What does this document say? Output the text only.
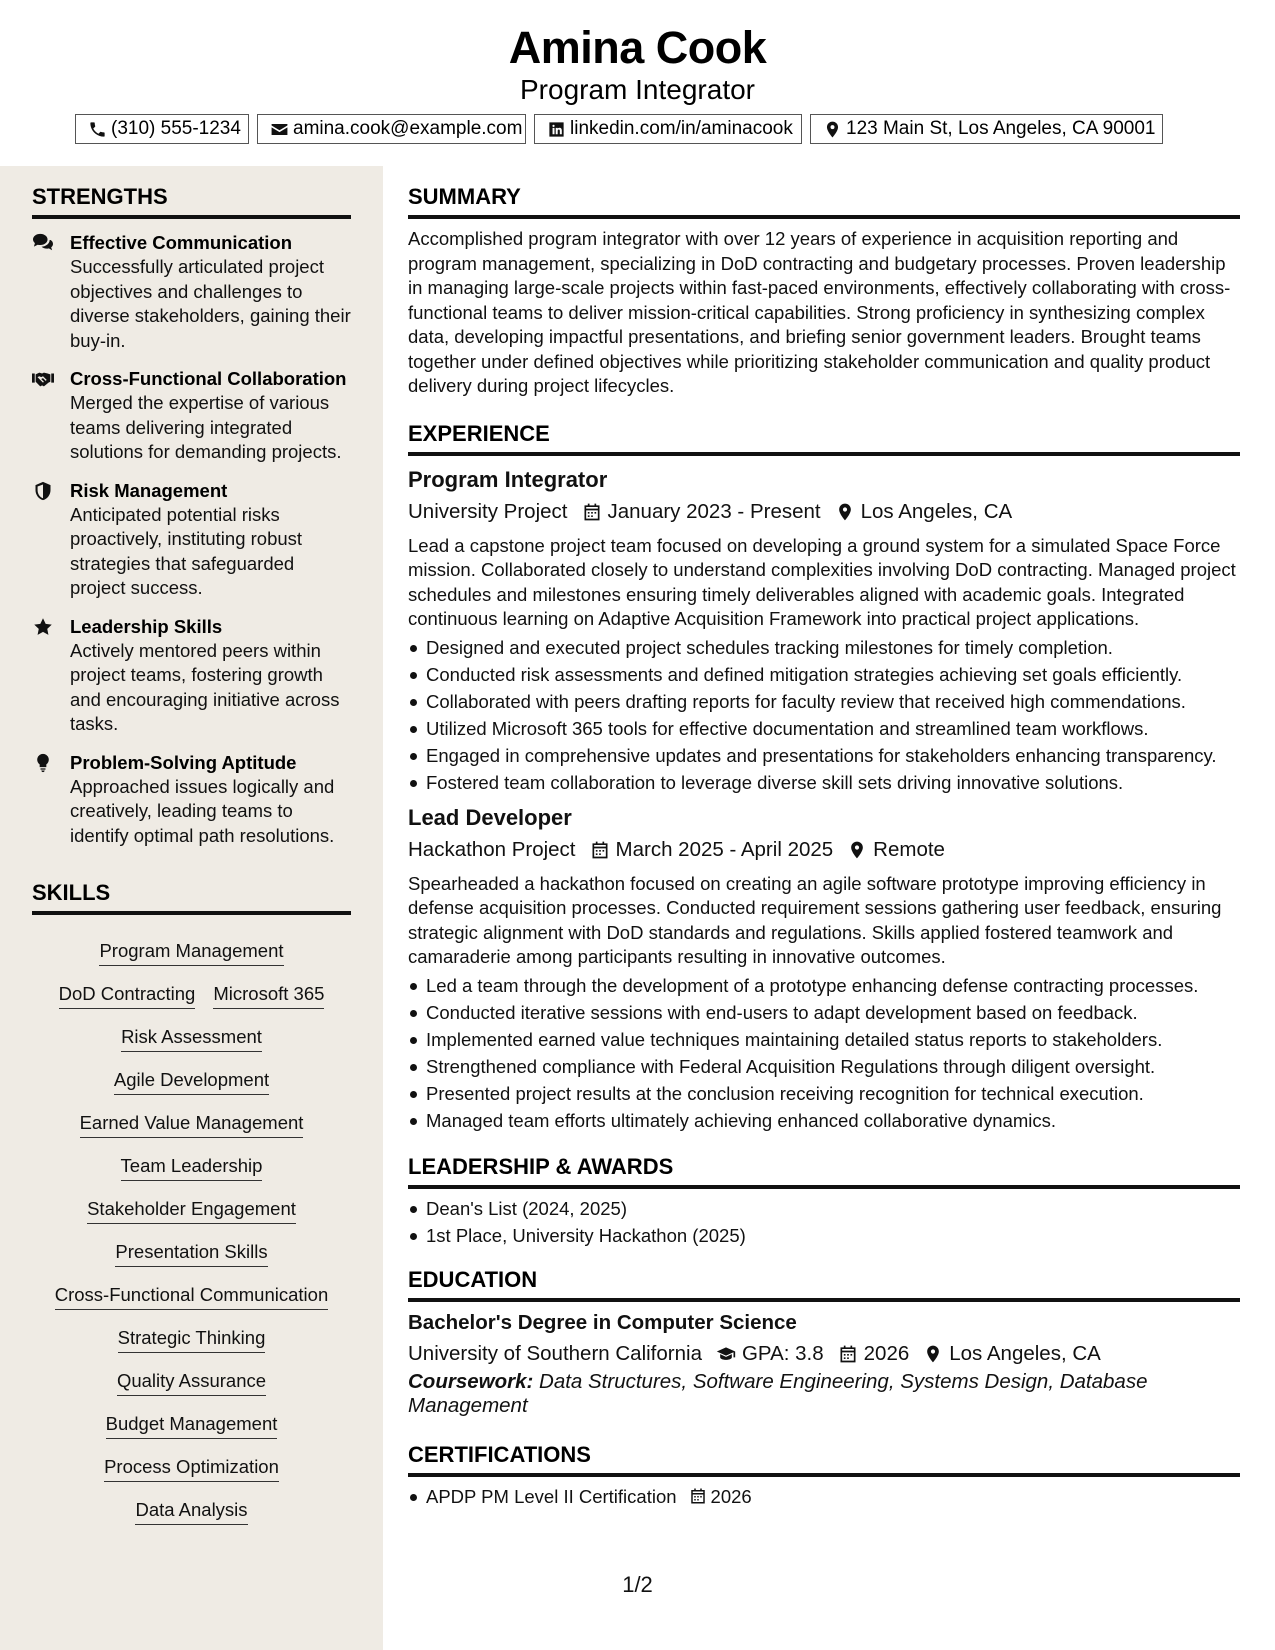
Amina Cook
Program Integrator
(310) 555-1234	amina.cook@example.com	linkedin.com/in/aminacook	123 Main St, Los Angeles, CA 90001
STRENGTHS
Effective Communication
Successfully articulated project objectives and challenges to diverse stakeholders, gaining their buy-in.
Cross-Functional Collaboration
Merged the expertise of various teams delivering integrated solutions for demanding projects.
Risk Management
Anticipated potential risks proactively, instituting robust strategies that safeguarded project success.
Leadership Skills
Actively mentored peers within project teams, fostering growth and encouraging initiative across tasks.
Problem-Solving Aptitude
Approached issues logically and creatively, leading teams to identify optimal path resolutions.
SKILLS
Program Management
DoD Contracting Microsoft 365
Risk Assessment
Agile Development
Earned Value Management
Team Leadership
Stakeholder Engagement
Presentation Skills
Cross-Functional Communication
Strategic Thinking
Quality Assurance
Budget Management
Process Optimization
Data Analysis
SUMMARY
Accomplished program integrator with over 12 years of experience in acquisition reporting and program management, specializing in DoD contracting and budgetary processes. Proven leadership in managing large-scale projects within fast-paced environments, effectively collaborating with cross-functional teams to deliver mission-critical capabilities. Strong proficiency in synthesizing complex data, developing impactful presentations, and briefing senior government leaders. Brought teams together under defined objectives while prioritizing stakeholder communication and quality product delivery during project lifecycles.
EXPERIENCE
Program Integrator
University Project January 2023 - Present Los Angeles, CA
Lead a capstone project team focused on developing a ground system for a simulated Space Force mission. Collaborated closely to understand complexities involving DoD contracting. Managed project schedules and milestones ensuring timely deliverables aligned with academic goals. Integrated continuous learning on Adaptive Acquisition Framework into practical project applications.
Designed and executed project schedules tracking milestones for timely completion.
Conducted risk assessments and defined mitigation strategies achieving set goals efficiently.
Collaborated with peers drafting reports for faculty review that received high commendations.
Utilized Microsoft 365 tools for effective documentation and streamlined team workflows.
Engaged in comprehensive updates and presentations for stakeholders enhancing transparency.
Fostered team collaboration to leverage diverse skill sets driving innovative solutions.
Lead Developer
Hackathon Project March 2025 - April 2025 Remote
Spearheaded a hackathon focused on creating an agile software prototype improving efficiency in defense acquisition processes. Conducted requirement sessions gathering user feedback, ensuring strategic alignment with DoD standards and regulations. Skills applied fostered teamwork and camaraderie among participants resulting in innovative outcomes.
Led a team through the development of a prototype enhancing defense contracting processes.
Conducted iterative sessions with end-users to adapt development based on feedback.
Implemented earned value techniques maintaining detailed status reports to stakeholders.
Strengthened compliance with Federal Acquisition Regulations through diligent oversight.
Presented project results at the conclusion receiving recognition for technical execution.
Managed team efforts ultimately achieving enhanced collaborative dynamics.
LEADERSHIP & AWARDS
Dean's List (2024, 2025)
1st Place, University Hackathon (2025)
EDUCATION
Bachelor's Degree in Computer Science
University of Southern California GPA: 3.8 2026 Los Angeles, CA
Coursework: Data Structures, Software Engineering, Systems Design, Database Management
CERTIFICATIONS
APDP PM Level II Certification 2026
1/2
